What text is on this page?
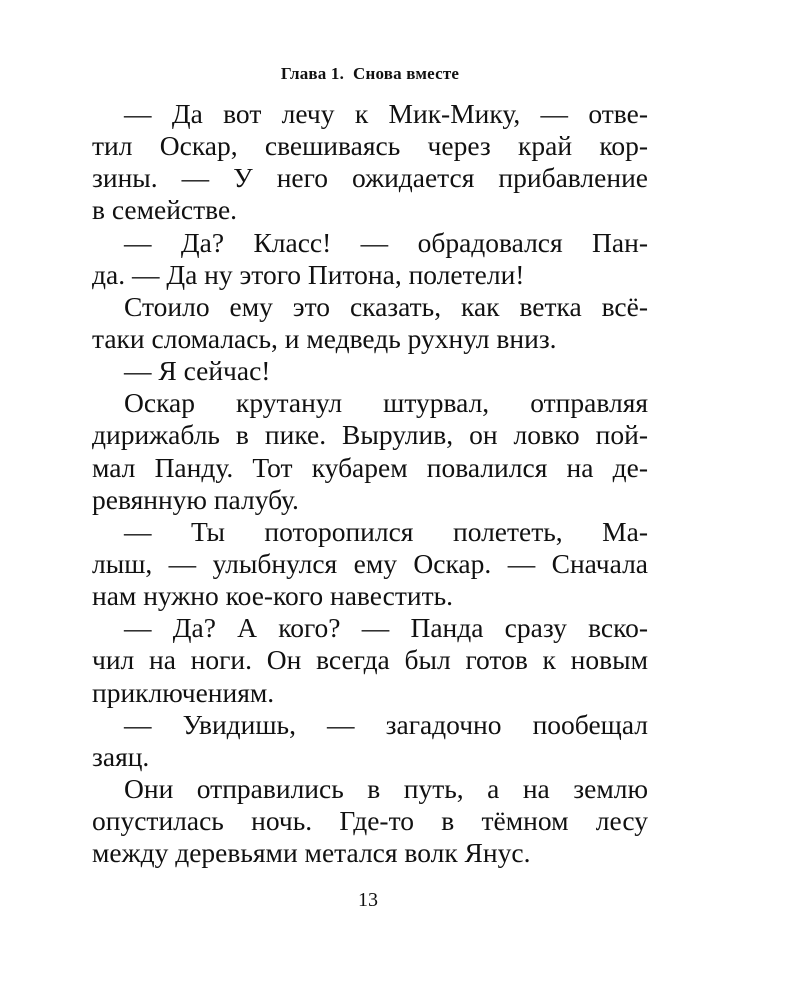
Глава 1.  Снова вместе
— Да вот лечу к Мик-Мику, — отве-
тил Оскар, свешиваясь через край кор-
зины. — У него ожидается прибавление
в семействе.
— Да? Класс! — обрадовался Пан-
да. — Да ну этого Питона, полетели!
Стоило ему это сказать, как ветка всё-
таки сломалась, и медведь рухнул вниз.
— Я сейчас!
Оскар крутанул штурвал, отправляя
дирижабль в пике. Вырулив, он ловко пой-
мал Панду. Тот кубарем повалился на де-
ревянную палубу.
— Ты поторопился полететь, Ма-
лыш, — улыбнулся ему Оскар. — Сначала
нам нужно кое-кого навестить.
— Да? А кого? — Панда сразу вско-
чил на ноги. Он всегда был готов к новым
приключениям.
— Увидишь, — загадочно пообещал
заяц.
Они отправились в путь, а на землю
опустилась ночь. Где-то в тёмном лесу
между деревьями метался волк Янус.
13
